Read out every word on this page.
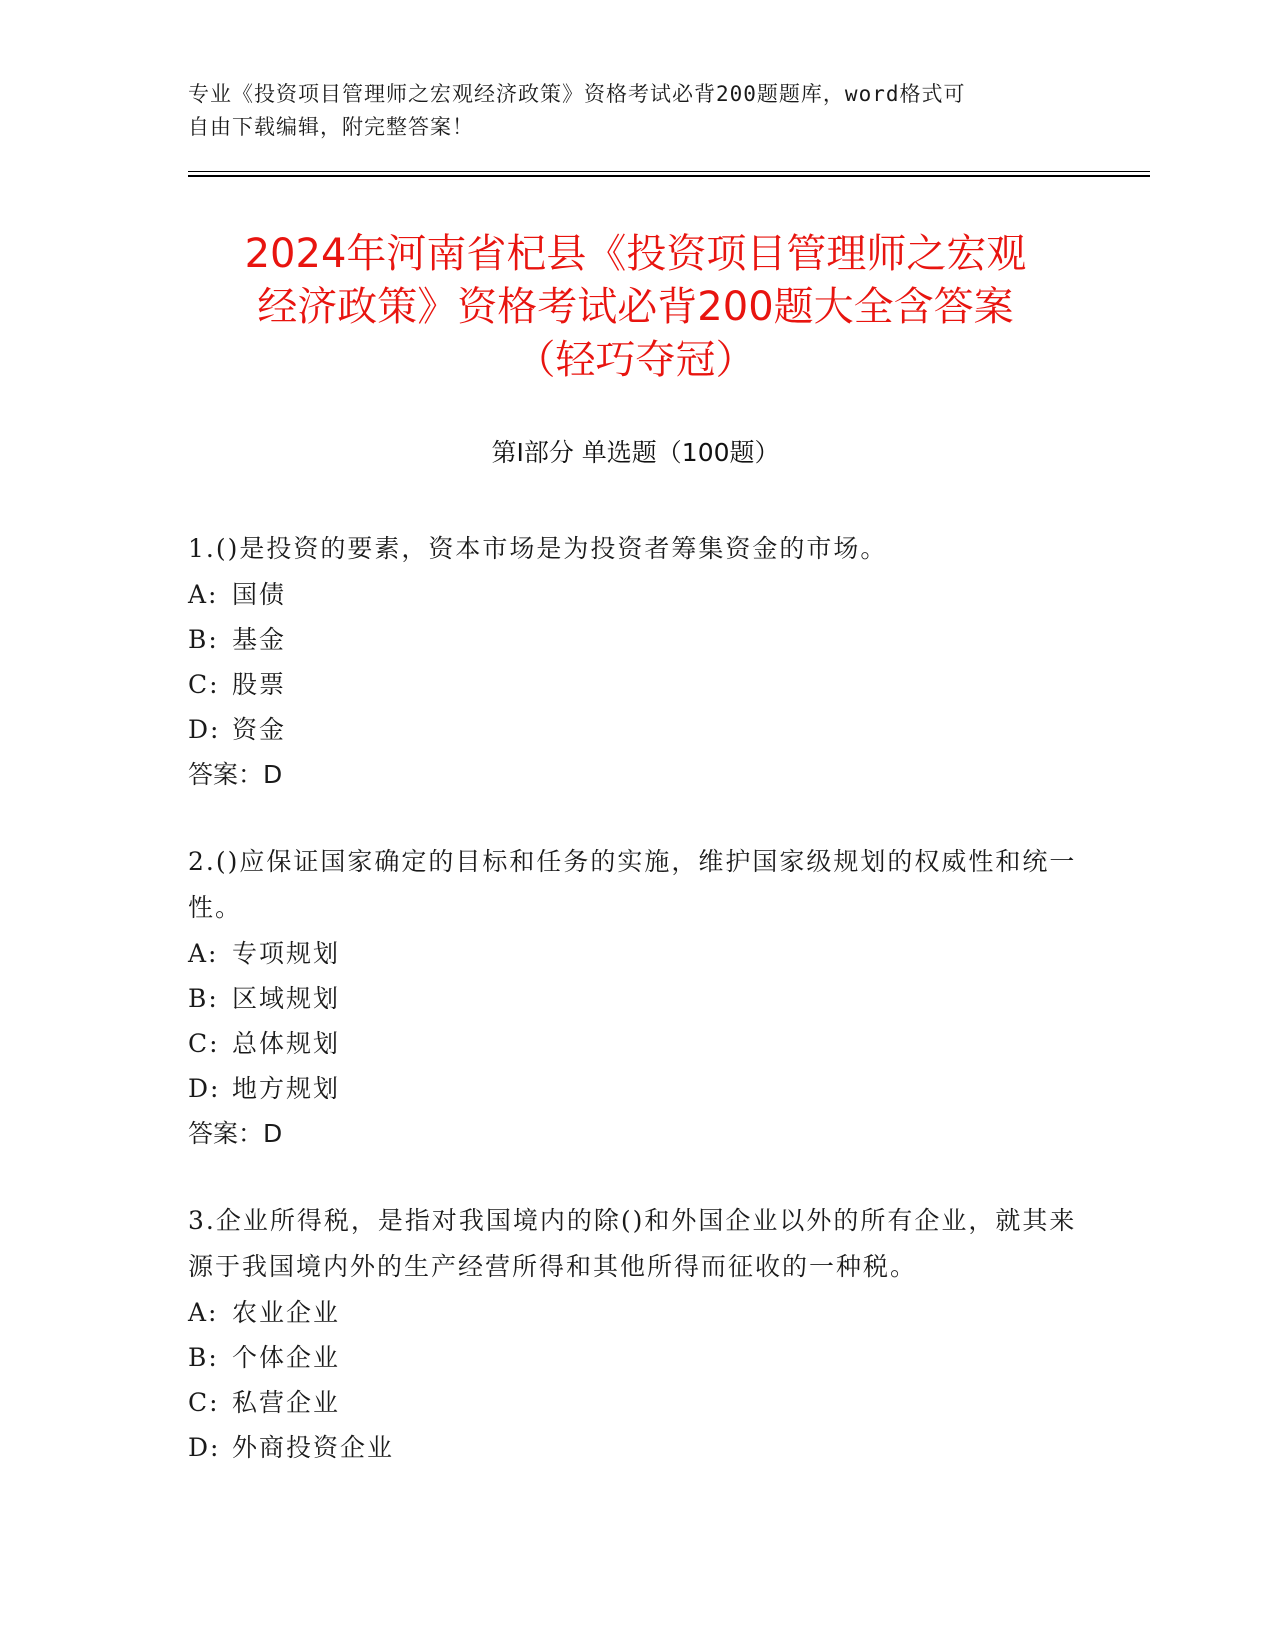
专业《投资项目管理师之宏观经济政策》资格考试必背200题题库，word格式可
自由下载编辑，附完整答案！
2024年河南省杞县《投资项目管理师之宏观
经济政策》资格考试必背200题大全含答案
（轻巧夺冠）
第Ⅰ部分 单选题（100题）

1.()是投资的要素，资本市场是为投资者筹集资金的市场。

A: 国债

B: 基金

C: 股票

D: 资金

答案：D

2.()应保证国家确定的目标和任务的实施，维护国家级规划的权威性和统一性。

A: 专项规划

B: 区域规划

C: 总体规划

D: 地方规划

答案：D

3.企业所得税，是指对我国境内的除()和外国企业以外的所有企业，就其来源于我国境内外的生产经营所得和其他所得而征收的一种税。

A: 农业企业

B: 个体企业

C: 私营企业

D: 外商投资企业
